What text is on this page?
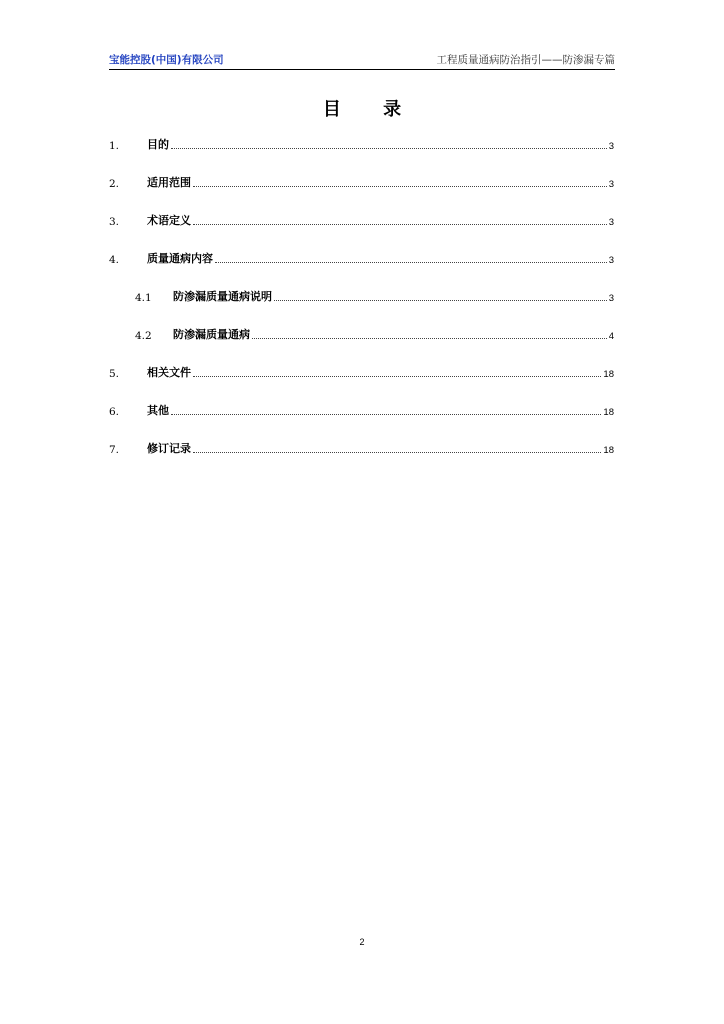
宝能控股(中国)有限公司	工程质量通病防治指引——防渗漏专篇
目 录
1.	目的	3
2.	适用范围	3
3.	术语定义	3
4.	质量通病内容	3
4.1	防渗漏质量通病说明	3
4.2	防渗漏质量通病	4
5.	相关文件	18
6.	其他	18
7.	修订记录	18
2
